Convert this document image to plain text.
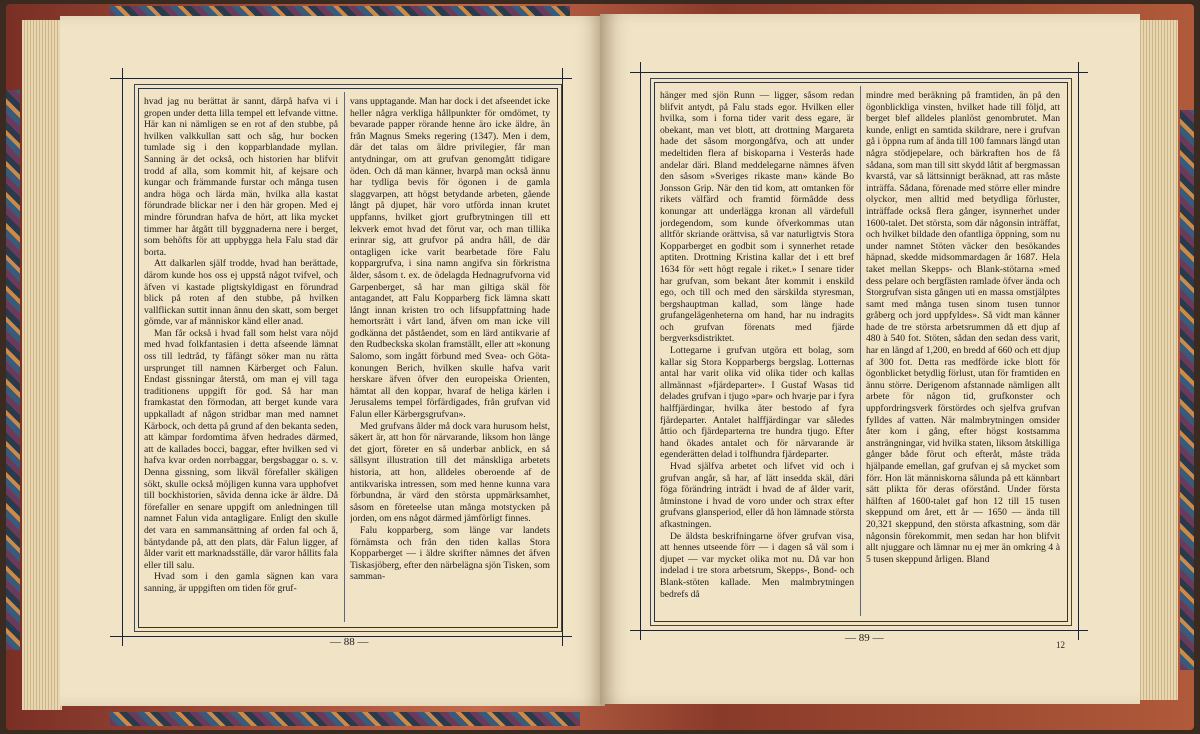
hvad jag nu berättat är sannt, därpå hafva vi i gropen under detta lilla tempel ett lefvande vittne. Här kan ni nämligen se en rot af den stubbe, på hvilken valkkullan satt och såg, hur bocken tumlade sig i den kopparblandade myllan. Sanning är det också, och historien har blifvit trodd af alla, som kommit hit, af kejsare och kungar och främmande furstar och många tusen andra höga och lärda män, hvilka alla kastat förundrade blickar ner i den här gropen. Med ej mindre förundran hafva de hört, att lika mycket timmer har åtgått till byggnaderna nere i berget, som behöfts för att uppbygga hela Falu stad där borta.

Att dalkarlen själf trodde, hvad han berättade, därom kunde hos oss ej uppstå något tvifvel, och äfven vi kastade pligtskyldigast en förundrad blick på roten af den stubbe, på hvilken vallflickan suttit innan ännu den skatt, som berget gömde, var af människor känd eller anad.

Man får också i hvad fall som helst vara nöjd med hvad folkfantasien i detta afseende lämnat oss till ledtråd, ty fåfängt söker man nu rätta ursprunget till namnen Kärberget och Falun. Endast gissningar återstå, om man ej vill taga traditionens uppgift för god. Så har man framkastat den förmodan, att berget kunde vara uppkalladt af någon stridbar man med namnet Kärbock, och detta på grund af den bekanta seden, att kämpar fordomtima äfven hedrades därmed, att de kallades bocci, baggar, efter hvilken sed vi hafva kvar orden norrbaggar, bergsbaggar o. s. v. Denna gissning, som likväl förefaller skäligen sökt, skulle också möjligen kunna vara upphofvet till bockhistorien, såvida denna icke är äldre. Då förefaller en senare uppgift om anledningen till namnet Falun vida antagligare. Enligt den skulle det vara en sammansättning af orden fal och å, bäntydande på, att den plats, där Falun ligger, af ålder varit ett marknadsställe, där varor hållits fala eller till salu.

Hvad som i den gamla sägnen kan vara sanning, är uppgiften om tiden för gruf-

vans upptagande. Man har dock i det afseendet icke heller några verkliga hållpunkter för omdömet, ty bevarade papper rörande henne äro icke äldre, än från Magnus Smeks regering (1347). Men i dem, där det talas om äldre privilegier, får man antydningar, om att grufvan genomgått tidigare öden. Och då man känner, hvarpå man också ännu har tydliga bevis för ögonen i de gamla slaggvarpen, att högst betydande arbeten, gående långt på djupet, här voro utförda innan krutet uppfanns, hvilket gjort grufbrytningen till ett lekverk emot hvad det förut var, och man tillika erinrar sig, att grufvor på andra håll, de där ontagligen icke varit bearbetade före Falu koppargrufva, i sina namn angifva sin förkristna ålder, såsom t. ex. de ödelagda Hednagrufvorna vid Garpenberget, så har man giltiga skäl för antagandet, att Falu Kopparberg fick lämna skatt långt innan kristen tro och lifsuppfattning hade hemortsrätt i vårt land, äfven om man icke vill godkänna det påståendet, som en lärd antikvarie af den Rudbeckska skolan framställt, eller att »konung Salomo, som ingått förbund med Svea- och Göta-konungen Berich, hvilken skulle hafva varit herskare äfven öfver den europeiska Orienten, hämtat all den koppar, hvaraf de heliga kärlen i Jerusalems tempel förfärdigades, från grufvan vid Falun eller Kärbergsgrufvan».

Med grufvans ålder må dock vara hurusom helst, säkert är, att hon för närvarande, liksom hon länge det gjort, företer en så underbar anblick, en så sällsynt illustration till det mänskliga arbetets historia, att hon, alldeles oberoende af de antikvariska intressen, som med henne kunna vara förbundna, är värd den största uppmärksamhet, såsom en företeelse utan många motstycken på jorden, om ens något därmed jämförligt finnes.

Falu kopparberg, som länge var landets förnämsta och från den tiden kallas Stora Kopparberget — i äldre skrifter nämnes det äfven Tiskasjöberg, efter den närbelägna sjön Tisken, som samman-

— 88 —

hänger med sjön Runn — ligger, såsom redan blifvit antydt, på Falu stads egor. Hvilken eller hvilka, som i forna tider varit dess egare, är obekant, man vet blott, att drottning Margareta hade det såsom morgongåfva, och att under medeltiden flera af biskoparna i Vesterås hade andelar däri. Bland meddelegarne nämnes äfven den såsom »Sveriges rikaste man» kände Bo Jonsson Grip. När den tid kom, att omtanken för rikets välfärd och framtid förmådde dess konungar att underlägga kronan all värdefull jordegendom, som kunde öfverkommas utan alltför skriande orättvisa, så var naturligtvis Stora Kopparberget en godbit som i synnerhet retade aptiten. Drottning Kristina kallar det i ett bref 1634 för »ett högt regale i riket.» I senare tider har grufvan, som bekant åter kommit i enskild ego, och till och med den särskilda styresman, bergshauptman kallad, som länge hade grufangelägenheterna om hand, har nu indragits och grufvan förenats med fjärde bergverksdistriktet.

Lottegarne i grufvan utgöra ett bolag, som kallar sig Stora Kopparbergs bergslag. Lotternas antal har varit olika vid olika tider och kallas allmännast »fjärdeparter». I Gustaf Wasas tid delades grufvan i tjugo »par» och hvarje par i fyra halffjärdingar, hvilka äter bestodo af fyra fjärdeparter. Antalet halffjärdingar var således åttio och fjärdeparterna tre hundra tjugo. Efter hand ökades antalet och för närvarande är egenderätten delad i tolfhundra fjärdeparter.

Hvad själfva arbetet och lifvet vid och i grufvan angår, så har, af lätt insedda skäl, däri föga förändring inträdt i hvad de af ålder varit, åtminstone i hvad de voro under och strax efter grufvans glansperiod, eller då hon lämnade största afkastningen.

De äldsta beskrifningarne öfver grufvan visa, att hennes utseende förr — i dagen så väl som i djupet — var mycket olika mot nu. Då var hon indelad i tre stora arbetsrum, Skepps-, Bond- och Blank-stöten kallade. Men malmbrytningen bedrefs då

mindre med beräkning på framtiden, än på den ögonblickliga vinsten, hvilket hade till följd, att berget blef alldeles planlöst genombrutet. Man kunde, enligt en samtida skildrare, nere i grufvan gå i öppna rum af ända till 100 famnars längd utan några stödjepelare, och bärkraften hos de få sådana, som man till sitt skydd låtit af bergmassan kvarstå, var så lättsinnigt beräknad, att ras måste inträffa. Sådana, förenade med större eller mindre olyckor, men alltid med betydliga förluster, inträffade också flera gånger, isynnerhet under 1600-talet. Det största, som där någonsin inträffat, och hvilket bildade den ofantliga öppning, som nu under namnet Stöten väcker den besökandes häpnad, skedde midsommardagen år 1687. Hela taket mellan Skepps- och Blank-stötarna »med dess pelare och bergfästen ramlade öfver ända och Storgrufvan sista gången uti en massa omstjälptes samt med många tusen sinom tusen tunnor gråberg och jord uppfyldes». Så vidt man känner hade de tre största arbetsrummen då ett djup af 480 à 540 fot. Stöten, sådan den sedan dess varit, har en längd af 1,200, en bredd af 660 och ett djup af 300 fot. Detta ras medförde icke blott för ögonblicket betydlig förlust, utan för framtiden en ännu större. Derigenom afstannade nämligen allt arbete för någon tid, grufkonster och uppfordringsverk förstördes och sjelfva grufvan fylldes af vatten. När malmbrytningen omsider åter kom i gång, efter högst kostsamma ansträngningar, vid hvilka staten, liksom åtskilliga gånger både förut och efteråt, måste träda hjälpande emellan, gaf grufvan ej så mycket som förr. Hon lät människorna sålunda på ett kännbart sätt plikta för deras oförstånd. Under första hälften af 1600-talet gaf hon 12 till 15 tusen skeppund om året, ett år — 1650 — ända till 20,321 skeppund, den största afkastning, som där någonsin förekommit, men sedan har hon blifvit allt njuggare och lämnar nu ej mer än omkring 4 à 5 tusen skeppund årligen. Bland

— 89 —
12
